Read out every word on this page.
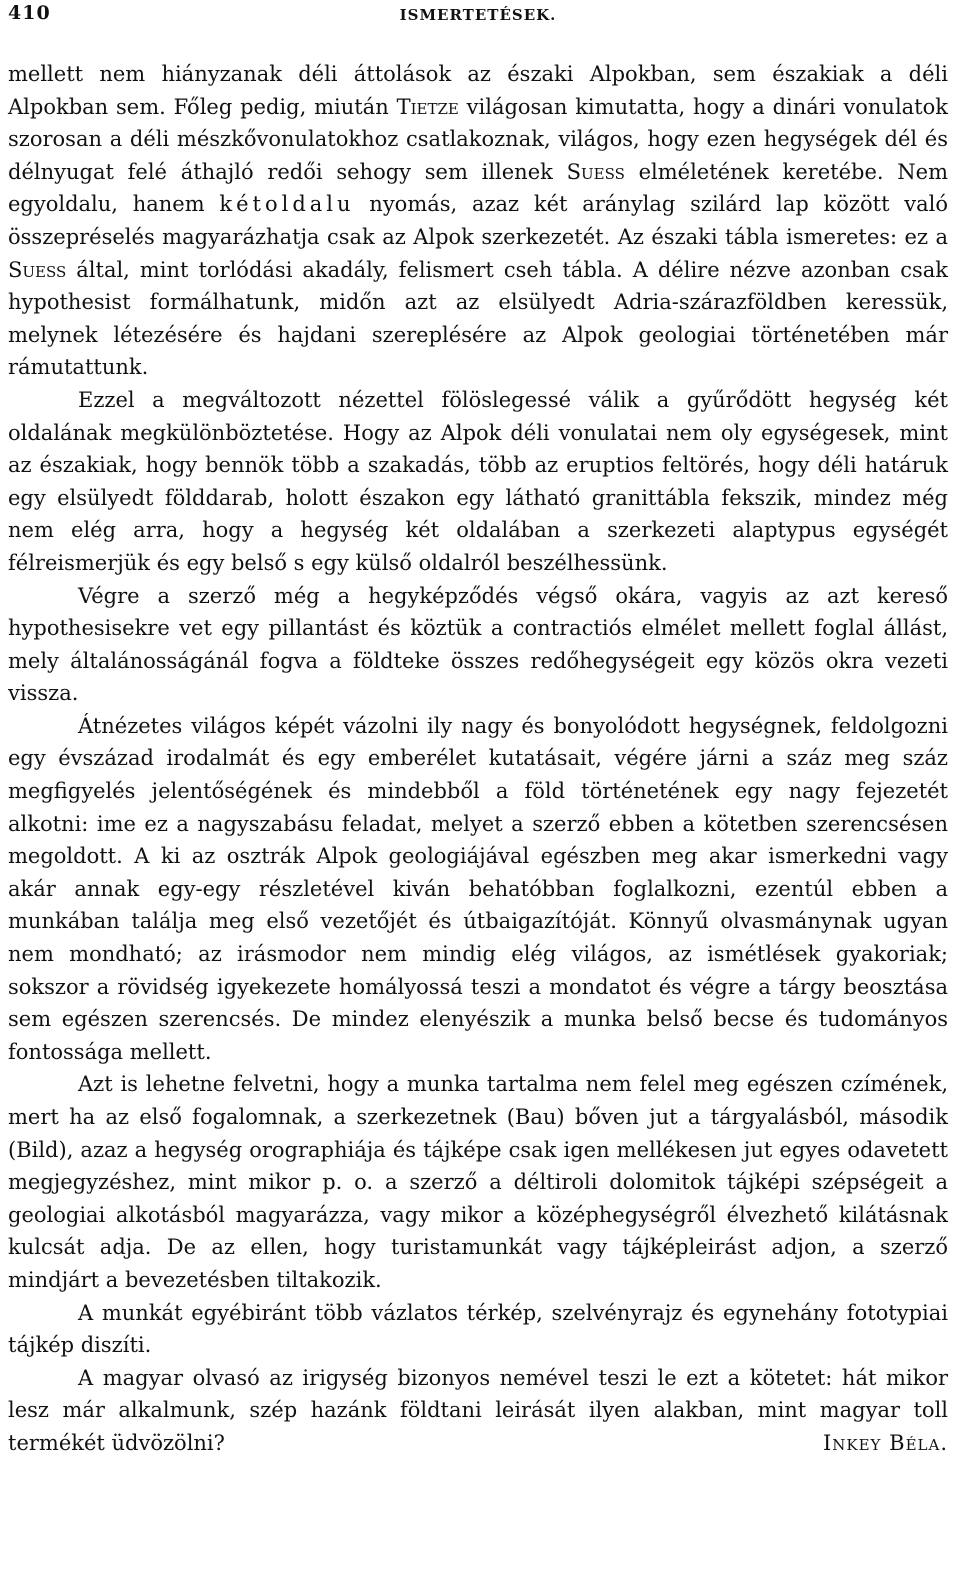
410	ISMERTETÉSEK.

mellett nem hiányzanak déli áttolások az északi Alpokban, sem északiak a déli Alpokban sem. Főleg pedig, miután Tietze világosan kimutatta, hogy a dinári vonulatok szorosan a déli mészkővonulatokhoz csatlakoznak, világos, hogy ezen hegységek dél és délnyugat felé áthajló redői sehogy sem illenek Suess elméletének keretébe. Nem egyoldalu, hanem kétoldalu nyomás, azaz két aránylag szilárd lap között való összepréselés magyarázhatja csak az Alpok szerkezetét. Az északi tábla ismeretes: ez a Suess által, mint torlódási akadály, felismert cseh tábla. A délire nézve azonban csak hypothesist formálhatunk, midőn azt az elsülyedt Adria-szárazföldben keressük, melynek létezésére és hajdani szereplésére az Alpok geologiai történetében már rámutattunk.

Ezzel a megváltozott nézettel fölöslegessé válik a gyűrődött hegység két oldalának megkülönböztetése. Hogy az Alpok déli vonulatai nem oly egységesek, mint az északiak, hogy bennök több a szakadás, több az eruptios feltörés, hogy déli határuk egy elsülyedt földdarab, holott északon egy látható granittábla fekszik, mindez még nem elég arra, hogy a hegység két oldalában a szerkezeti alaptypus egységét félreismerjük és egy belső s egy külső oldalról beszélhessünk.

Végre a szerző még a hegyképződés végső okára, vagyis az azt kereső hypothesisekre vet egy pillantást és köztük a contractiós elmélet mellett foglal állást, mely általánosságánál fogva a földteke összes redőhegységeit egy közös okra vezeti vissza.

Átnézetes világos képét vázolni ily nagy és bonyolódott hegységnek, feldolgozni egy évszázad irodalmát és egy emberélet kutatásait, végére járni a száz meg száz megfigyelés jelentőségének és mindebből a föld történetének egy nagy fejezetét alkotni: ime ez a nagyszabásu feladat, melyet a szerző ebben a kötetben szerencsésen megoldott. A ki az osztrák Alpok geologiájával egészben meg akar ismerkedni vagy akár annak egy-egy részletével kiván behatóbban foglalkozni, ezentúl ebben a munkában találja meg első vezetőjét és útbaigazítóját. Könnyű olvasmánynak ugyan nem mondható; az irásmodor nem mindig elég világos, az ismétlések gyakoriak; sokszor a rövidség igyekezete homályossá teszi a mondatot és végre a tárgy beosztása sem egészen szerencsés. De mindez elenyészik a munka belső becse és tudományos fontossága mellett.

Azt is lehetne felvetni, hogy a munka tartalma nem felel meg egészen czímének, mert ha az első fogalomnak, a szerkezetnek (Bau) bőven jut a tárgyalásból, második (Bild), azaz a hegység orographiája és tájképe csak igen mellékesen jut egyes odavetett megjegyzéshez, mint mikor p. o. a szerző a déltiroli dolomitok tájképi szépségeit a geologiai alkotásból magyarázza, vagy mikor a középhegységről élvezhető kilátásnak kulcsát adja. De az ellen, hogy turistamunkát vagy tájképleirást adjon, a szerző mindjárt a bevezetésben tiltakozik.

A munkát egyébiránt több vázlatos térkép, szelvényrajz és egynehány fototypiai tájkép diszíti.

A magyar olvasó az irigység bizonyos nemével teszi le ezt a kötetet: hát mikor lesz már alkalmunk, szép hazánk földtani leirását ilyen alakban, mint magyar toll termékét üdvözölni?	Inkey Béla.
